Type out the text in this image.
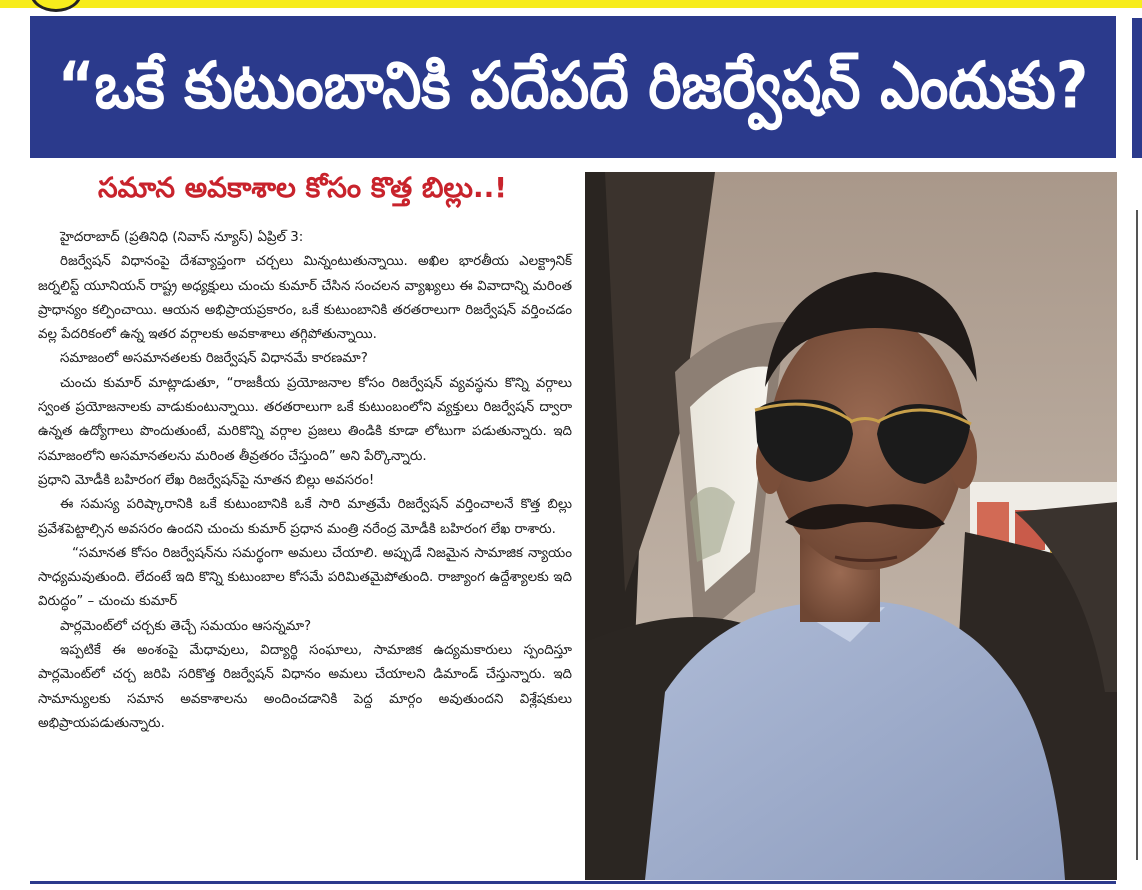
“ఒకే కుటుంబానికి పదేపదే రిజర్వేషన్ ఎందుకు?
సమాన అవకాశాల కోసం కొత్త బిల్లు..!

హైదరాబాద్ (ప్రతినిధి (నివాస్ న్యూస్) ఏప్రిల్ 3:

రిజర్వేషన్ విధానంపై దేశవ్యాప్తంగా చర్చలు మిన్నంటుతున్నాయి. అఖిల భారతీయ ఎలక్ట్రానిక్ జర్నలిస్ట్ యూనియన్ రాష్ట్ర అధ్యక్షులు చుంచు కుమార్ చేసిన సంచలన వ్యాఖ్యలు ఈ వివాదాన్ని మరింత ప్రాధాన్యం కల్పించాయి. ఆయన అభిప్రాయప్రకారం, ఒకే కుటుంబానికి తరతరాలుగా రిజర్వేషన్ వర్తించడం వల్ల పేదరికంలో ఉన్న ఇతర వర్గాలకు అవకాశాలు తగ్గిపోతున్నాయి.

సమాజంలో అసమానతలకు రిజర్వేషన్ విధానమే కారణమా?

చుంచు కుమార్ మాట్లాడుతూ, “రాజకీయ ప్రయోజనాల కోసం రిజర్వేషన్ వ్యవస్థను కొన్ని వర్గాలు స్వంత ప్రయోజనాలకు వాడుకుంటున్నాయి. తరతరాలుగా ఒకే కుటుంబంలోని వ్యక్తులు రిజర్వేషన్ ద్వారా ఉన్నత ఉద్యోగాలు పొందుతుంటే, మరికొన్ని వర్గాల ప్రజలు తిండికి కూడా లోటుగా పడుతున్నారు. ఇది సమాజంలోని అసమానతలను మరింత తీవ్రతరం చేస్తుంది” అని పేర్కొన్నారు.

ప్రధాని మోడీకి బహిరంగ లేఖ రిజర్వేషన్‌పై నూతన బిల్లు అవసరం!

ఈ సమస్య పరిష్కారానికి ఒకే కుటుంబానికి ఒకే సారి మాత్రమే రిజర్వేషన్ వర్తించాలనే కొత్త బిల్లు ప్రవేశపెట్టాల్సిన అవసరం ఉందని చుంచు కుమార్ ప్రధాన మంత్రి నరేంద్ర మోడీకి బహిరంగ లేఖ రాశారు.

“సమానత కోసం రిజర్వేషన్‌ను సమర్థంగా అమలు చేయాలి. అప్పుడే నిజమైన సామాజిక న్యాయం సాధ్యమవుతుంది. లేదంటే ఇది కొన్ని కుటుంబాల కోసమే పరిమితమైపోతుంది. రాజ్యాంగ ఉద్దేశ్యాలకు ఇది విరుద్ధం” – చుంచు కుమార్

పార్లమెంట్‌లో చర్చకు తెచ్చే సమయం ఆసన్నమా?

ఇప్పటికే ఈ అంశంపై మేధావులు, విద్యార్థి సంఘాలు, సామాజిక ఉద్యమకారులు స్పందిస్తూ పార్లమెంట్‌లో చర్చ జరిపి సరికొత్త రిజర్వేషన్ విధానం అమలు చేయాలని డిమాండ్ చేస్తున్నారు. ఇది సామాన్యులకు సమాన అవకాశాలను అందించడానికి పెద్ద మార్గం అవుతుందని విశ్లేషకులు అభిప్రాయపడుతున్నారు.
